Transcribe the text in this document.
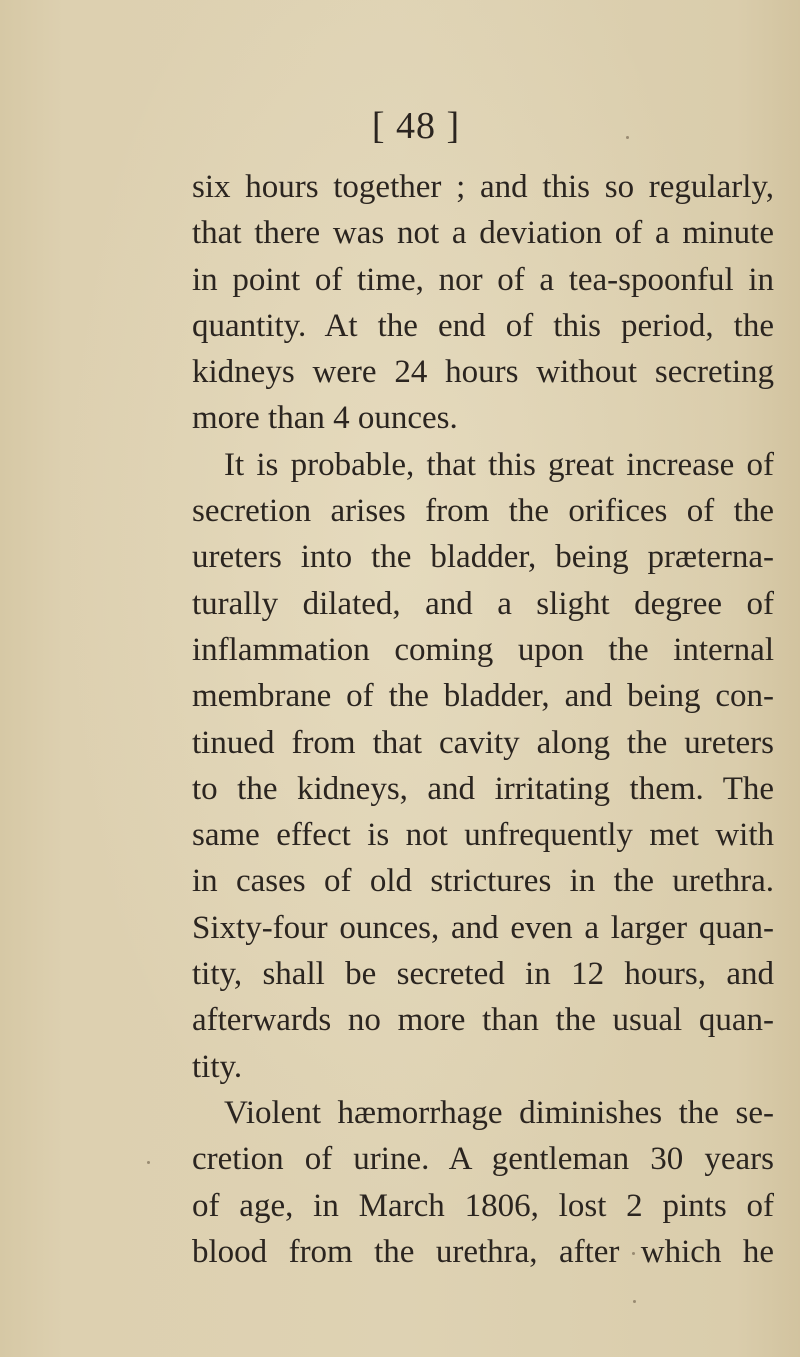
[ 48 ]
six hours together ; and this so regularly,
that there was not a deviation of a minute
in point of time, nor of a tea-spoonful in
quantity. At the end of this period, the
kidneys were 24 hours without secreting
more than 4 ounces.
It is probable, that this great increase of
secretion arises from the orifices of the
ureters into the bladder, being præterna-
turally dilated, and a slight degree of
inflammation coming upon the internal
membrane of the bladder, and being con-
tinued from that cavity along the ureters
to the kidneys, and irritating them. The
same effect is not unfrequently met with
in cases of old strictures in the urethra.
Sixty-four ounces, and even a larger quan-
tity, shall be secreted in 12 hours, and
afterwards no more than the usual quan-
tity.
Violent hæmorrhage diminishes the se-
cretion of urine. A gentleman 30 years
of age, in March 1806, lost 2 pints of
blood from the urethra, after which he
